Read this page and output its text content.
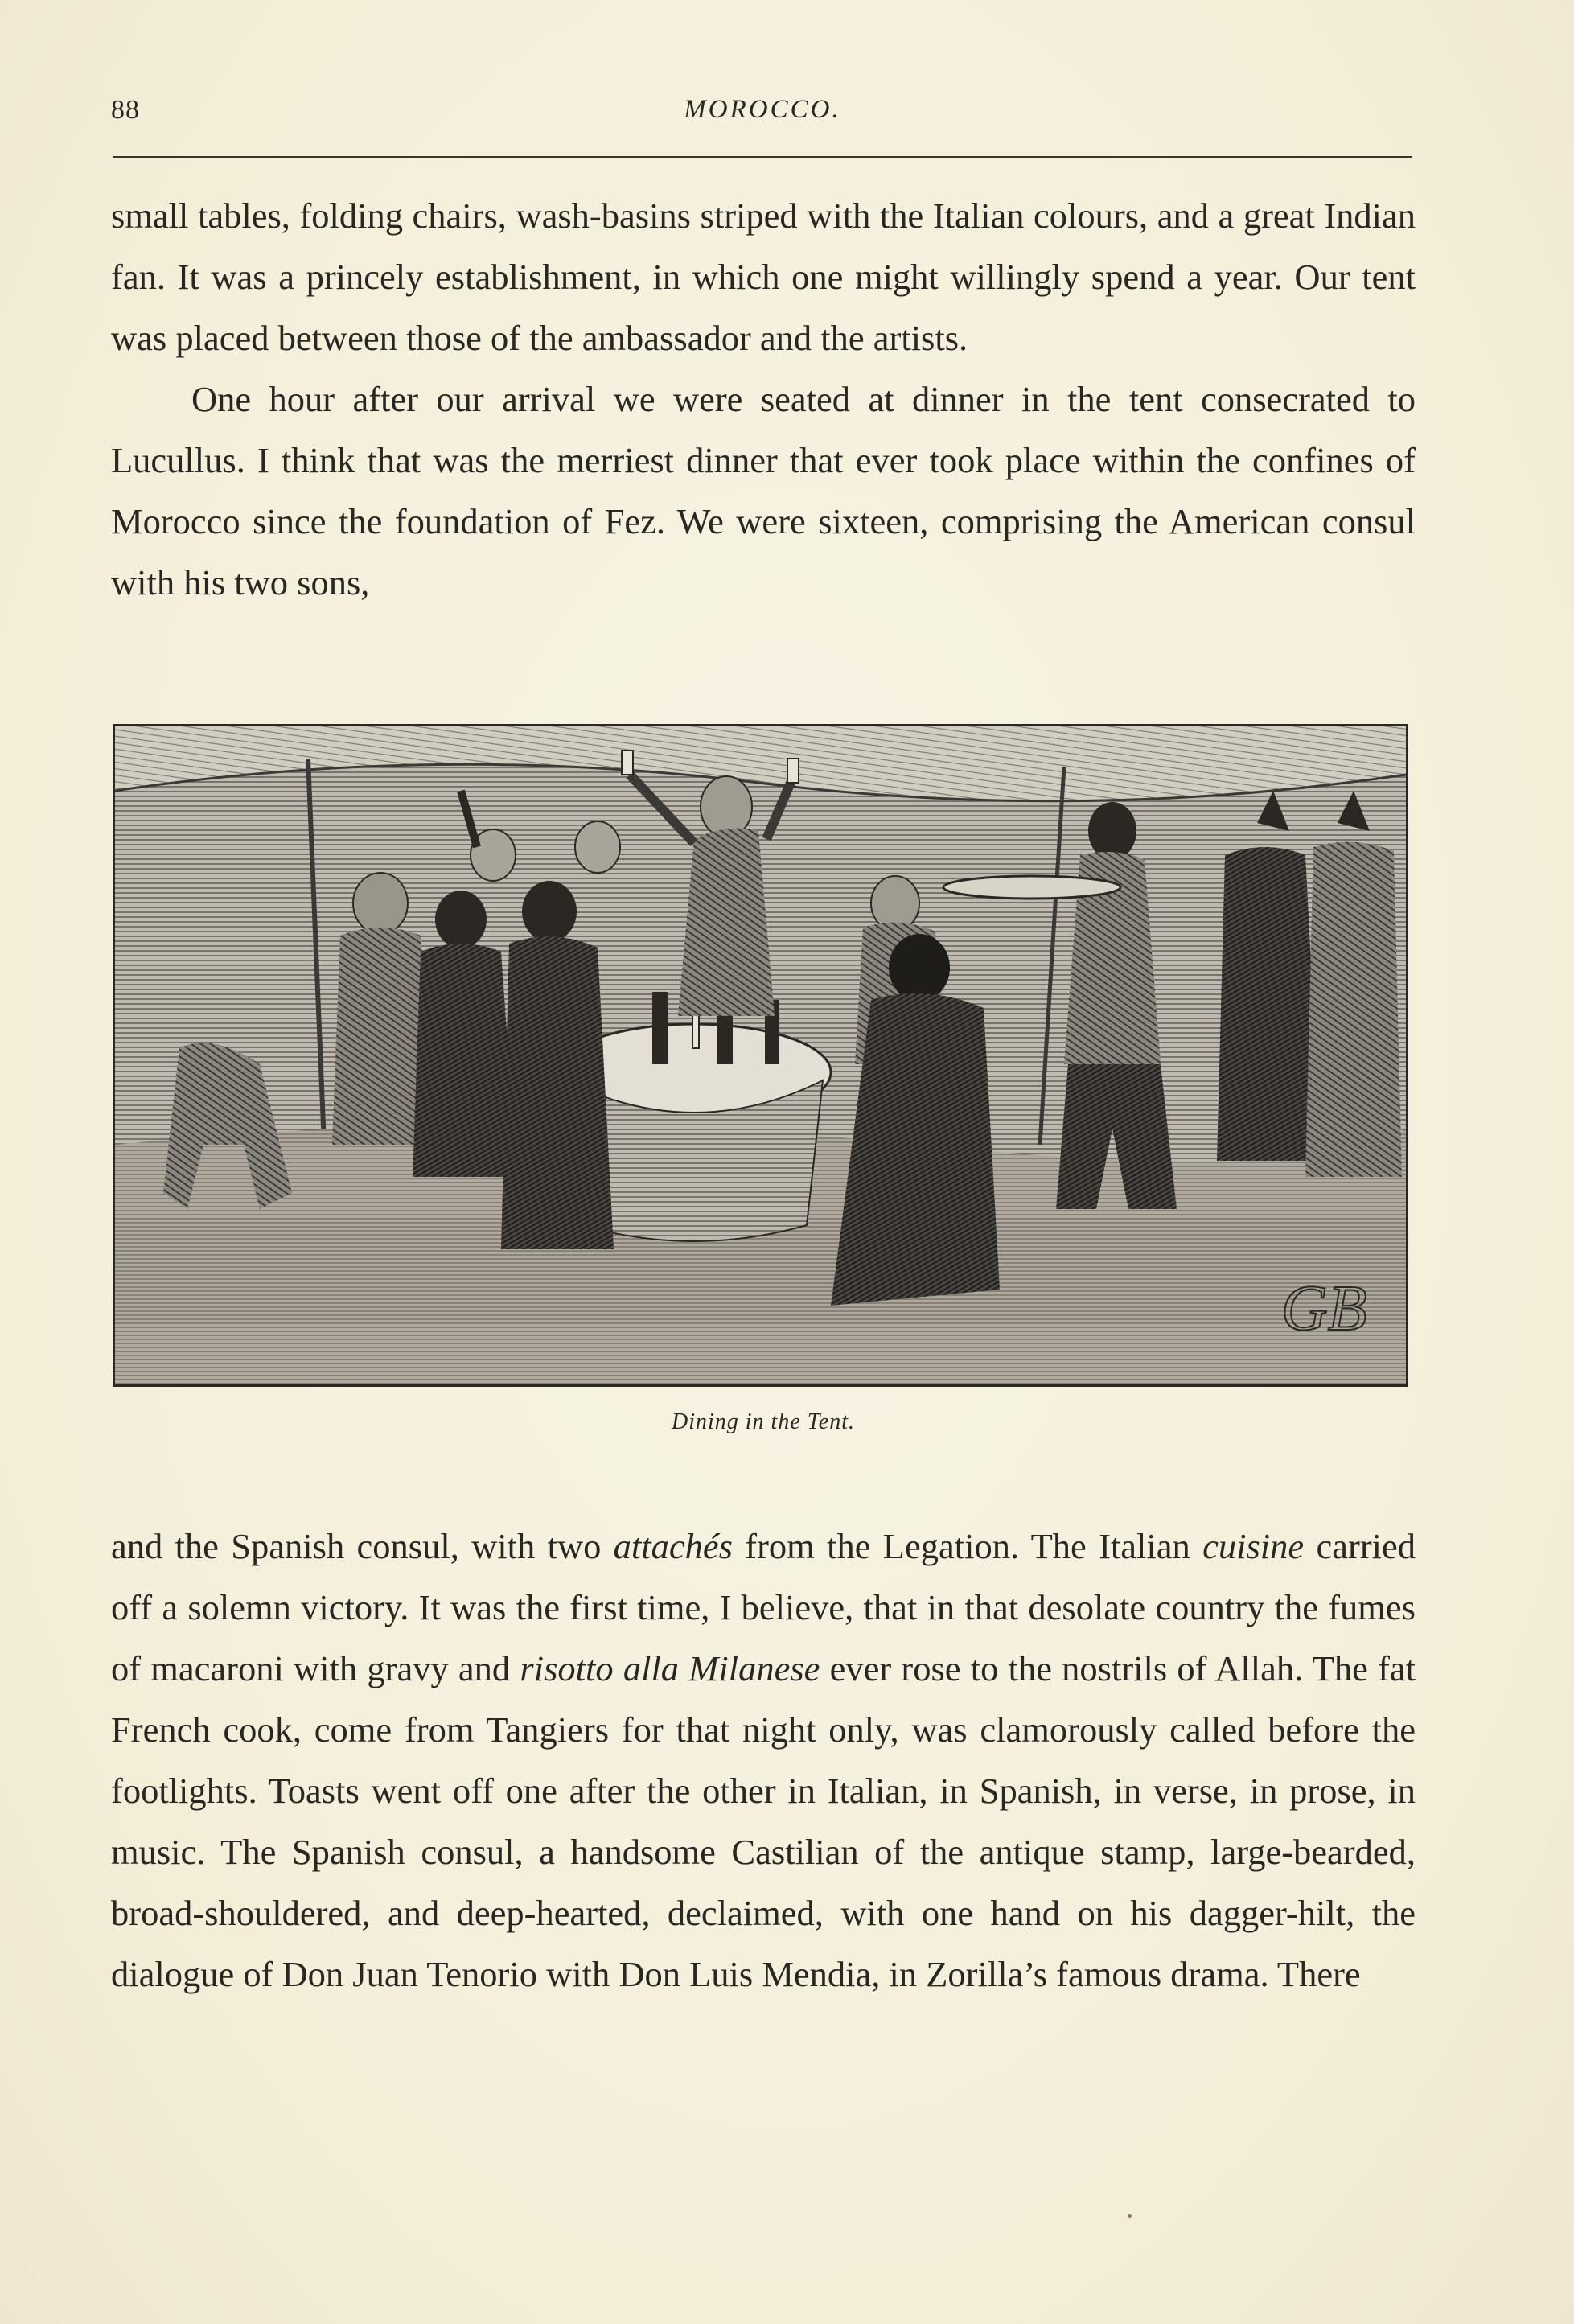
88	MOROCCO.

small tables, folding chairs, wash-basins striped with the Italian colours, and a great Indian fan. It was a princely establishment, in which one might willingly spend a year. Our tent was placed between those of the ambassador and the artists.

One hour after our arrival we were seated at dinner in the tent consecrated to Lucullus. I think that was the merriest dinner that ever took place within the confines of Morocco since the foundation of Fez. We were sixteen, comprising the American consul with his two sons,

GB
Dining in the Tent.

and the Spanish consul, with two attachés from the Legation. The Italian cuisine carried off a solemn victory. It was the first time, I believe, that in that desolate country the fumes of macaroni with gravy and risotto alla Milanese ever rose to the nostrils of Allah. The fat French cook, come from Tangiers for that night only, was clamorously called before the footlights. Toasts went off one after the other in Italian, in Spanish, in verse, in prose, in music. The Spanish consul, a handsome Castilian of the antique stamp, large-bearded, broad-shouldered, and deep-hearted, declaimed, with one hand on his dagger-hilt, the dialogue of Don Juan Tenorio with Don Luis Mendia, in Zorilla’s famous drama. There
